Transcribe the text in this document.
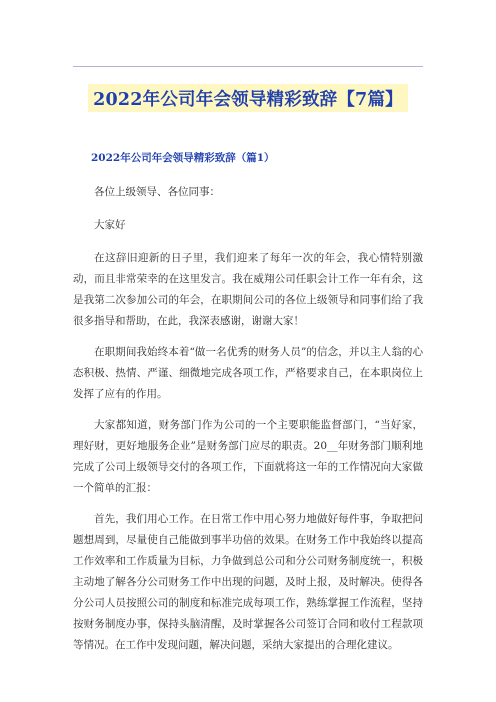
2022年公司年会领导精彩致辞【7篇】
2022年公司年会领导精彩致辞（篇1）

各位上级领导、各位同事：

大家好

在这辞旧迎新的日子里，我们迎来了每年一次的年会，我心情特别激动，而且非常荣幸的在这里发言。我在威翔公司任职会计工作一年有余，这是我第二次参加公司的年会，在职期间公司的各位上级领导和同事们给了我很多指导和帮助，在此，我深表感谢，谢谢大家！

在职期间我始终本着“做一名优秀的财务人员”的信念，并以主人翁的心态积极、热情、严谨、细微地完成各项工作，严格要求自己，在本职岗位上发挥了应有的作用。

大家都知道，财务部门作为公司的一个主要职能监督部门，“当好家，理好财，更好地服务企业”是财务部门应尽的职责。20__年财务部门顺利地完成了公司上级领导交付的各项工作，下面就将这一年的工作情况向大家做一个简单的汇报：

首先，我们用心工作。在日常工作中用心努力地做好每件事，争取把问题想周到，尽量使自己能做到事半功倍的效果。在财务工作中我始终以提高工作效率和工作质量为目标，力争做到总公司和分公司财务制度统一，积极主动地了解各分公司财务工作中出现的问题，及时上报，及时解决。使得各分公司人员按照公司的制度和标准完成每项工作，熟练掌握工作流程，坚持按财务制度办事，保持头脑清醒，及时掌握各公司签订合同和收付工程款项等情况。在工作中发现问题，解决问题，采纳大家提出的合理化建议。
